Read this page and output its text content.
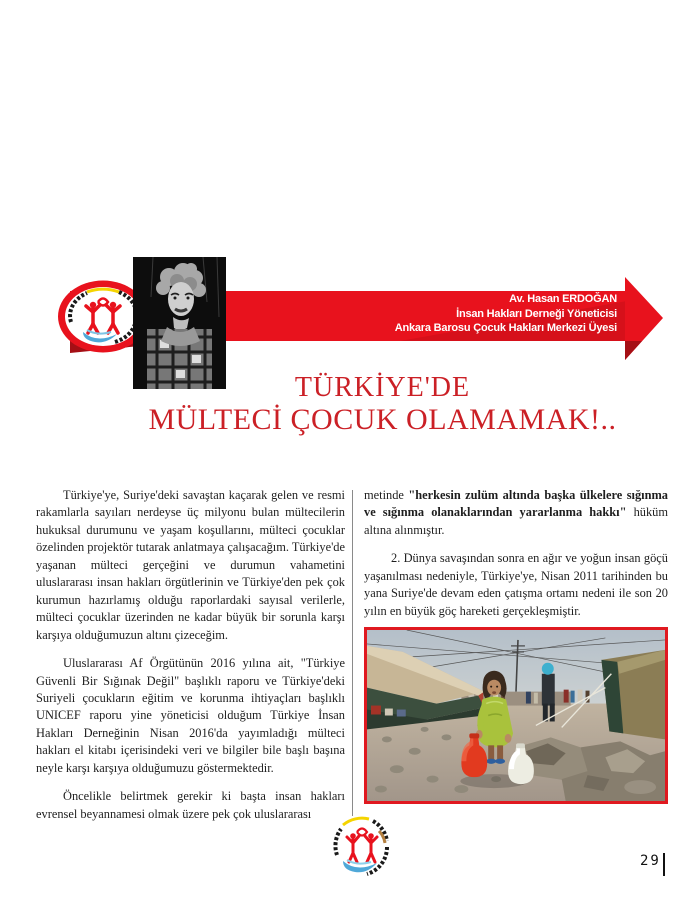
Av. Hasan ERDOĞAN
İnsan Hakları Derneği Yöneticisi
Ankara Barosu Çocuk Hakları Merkezi Üyesi
TÜRKİYE'DE
MÜLTECİ ÇOCUK OLAMAMAK!..

Türkiye'ye, Suriye'deki savaştan kaçarak gelen ve resmi rakamlarla sayıları nerdeyse üç milyonu bulan mültecilerin hukuksal durumunu ve yaşam koşullarını, mülteci çocuklar özelinden projektör tutarak anlatmaya çalışacağım. Türkiye'de yaşanan mülteci gerçeğini ve durumun vahametini uluslararası insan hakları örgütlerinin ve Türkiye'den pek çok kurumun hazırlamış olduğu raporlardaki sayısal verilerle, mülteci çocuklar üzerinden ne kadar büyük bir sorunla karşı karşıya olduğumuzun altını çizeceğim.

Uluslararası Af Örgütünün 2016 yılına ait, "Türkiye Güvenli Bir Sığınak Değil" başlıklı raporu ve Türkiye'deki Suriyeli çocukların eğitim ve korunma ihtiyaçları başlıklı UNICEF raporu yine yöneticisi olduğum Türkiye İnsan Hakları Derneğinin Nisan 2016'da yayımladığı mülteci hakları el kitabı içerisindeki veri ve bilgiler bile başlı başına neyle karşı karşıya olduğumuzu göstermektedir.

Öncelikle belirtmek gerekir ki başta insan hakları evrensel beyannamesi olmak üzere pek çok uluslararası

metinde "herkesin zulüm altında başka ülkelere sığınma ve sığınma olanaklarından yararlanma hakkı" hüküm altına alınmıştır.

2. Dünya savaşından sonra en ağır ve yoğun insan göçü yaşanılması nedeniyle, Türkiye'ye, Nisan 2011 tarihinden bu yana Suriye'de devam eden çatışma ortamı nedeni ile son 20 yılın en büyük göç hareketi gerçekleşmiştir.

29
